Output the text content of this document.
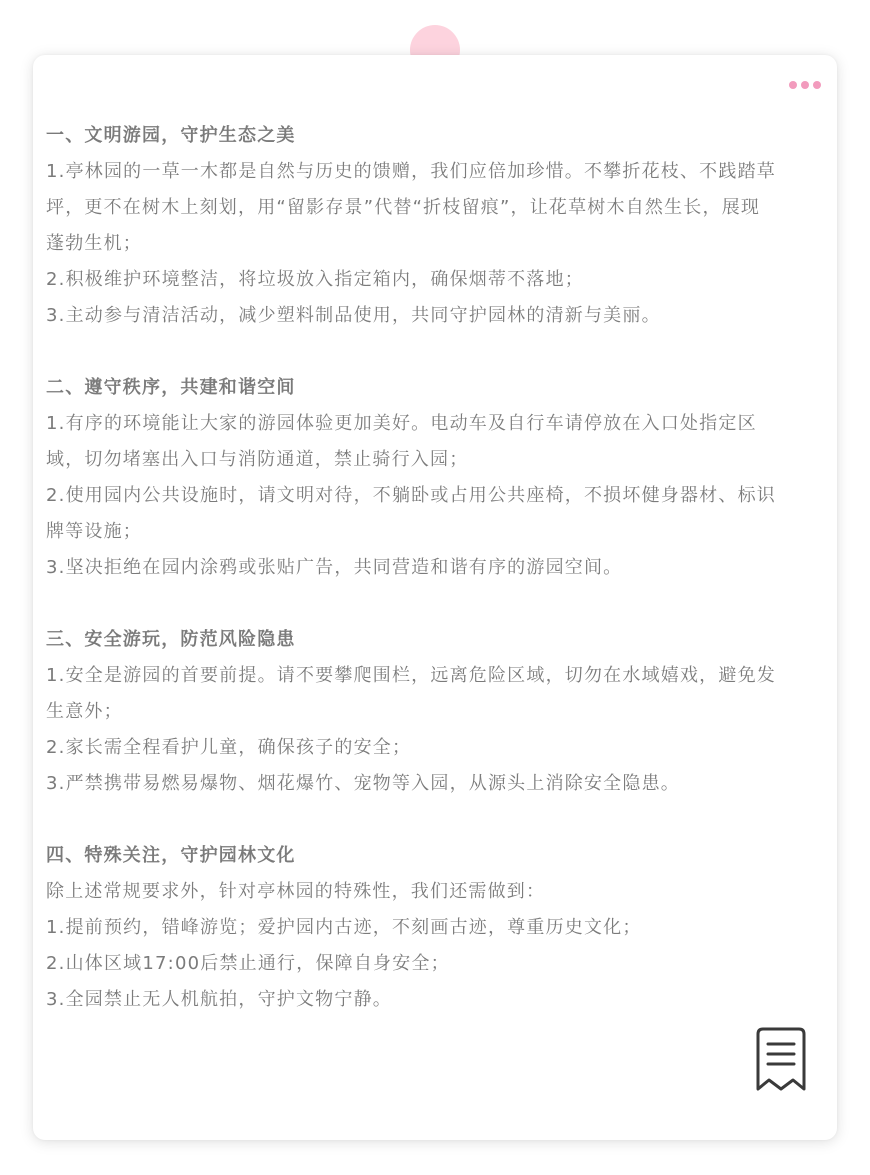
一、文明游园，守护生态之美
1.亭林园的一草一木都是自然与历史的馈赠，我们应倍加珍惜。不攀折花枝、不践踏草
坪，更不在树木上刻划，用“留影存景”代替“折枝留痕”，让花草树木自然生长，展现
蓬勃生机；
2.积极维护环境整洁，将垃圾放入指定箱内，确保烟蒂不落地；
3.主动参与清洁活动，减少塑料制品使用，共同守护园林的清新与美丽。
二、遵守秩序，共建和谐空间
1.有序的环境能让大家的游园体验更加美好。电动车及自行车请停放在入口处指定区
域，切勿堵塞出入口与消防通道，禁止骑行入园；
2.使用园内公共设施时，请文明对待，不躺卧或占用公共座椅，不损坏健身器材、标识
牌等设施；
3.坚决拒绝在园内涂鸦或张贴广告，共同营造和谐有序的游园空间。
三、安全游玩，防范风险隐患
1.安全是游园的首要前提。请不要攀爬围栏，远离危险区域，切勿在水域嬉戏，避免发
生意外；
2.家长需全程看护儿童，确保孩子的安全；
3.严禁携带易燃易爆物、烟花爆竹、宠物等入园，从源头上消除安全隐患。
四、特殊关注，守护园林文化
除上述常规要求外，针对亭林园的特殊性，我们还需做到：
1.提前预约，错峰游览；爱护园内古迹，不刻画古迹，尊重历史文化；
2.山体区域17:00后禁止通行，保障自身安全；
3.全园禁止无人机航拍，守护文物宁静。
